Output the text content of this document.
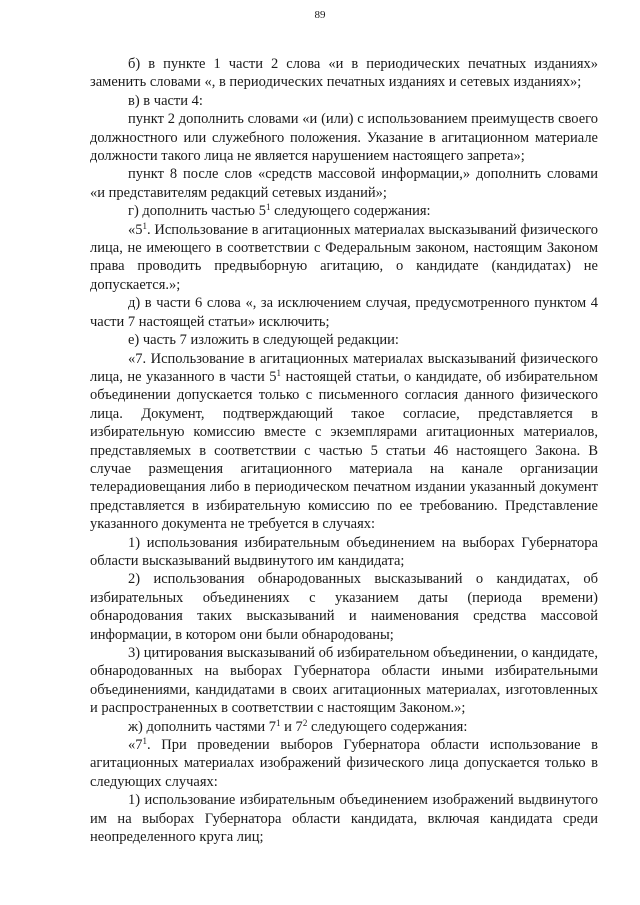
89

б) в пункте 1 части 2 слова «и в периодических печатных изданиях» заменить словами «, в периодических печатных изданиях и сетевых изданиях»;

в) в части 4:

пункт 2 дополнить словами «и (или) с использованием преимуществ своего должностного или служебного положения. Указание в агитационном материале должности такого лица не является нарушением настоящего запрета»;

пункт 8 после слов «средств массовой информации,» дополнить словами «и представителям редакций сетевых изданий»;

г) дополнить частью $5^1$ следующего содержания:

«$5^1$. Использование в агитационных материалах высказываний физического лица, не имеющего в соответствии с Федеральным законом, настоящим Законом права проводить предвыборную агитацию, о кандидате (кандидатах) не допускается.»;

д) в части 6 слова «, за исключением случая, предусмотренного пунктом 4 части 7 настоящей статьи» исключить;

е) часть 7 изложить в следующей редакции:

«7. Использование в агитационных материалах высказываний физического лица, не указанного в части $5^1$ настоящей статьи, о кандидате, об избирательном объединении допускается только с письменного согласия данного физического лица. Документ, подтверждающий такое согласие, представляется в избирательную комиссию вместе с экземплярами агитационных материалов, представляемых в соответствии с частью 5 статьи 46 настоящего Закона. В случае размещения агитационного материала на канале организации телерадиовещания либо в периодическом печатном издании указанный документ представляется в избирательную комиссию по ее требованию. Представление указанного документа не требуется в случаях:

1) использования избирательным объединением на выборах Губернатора области высказываний выдвинутого им кандидата;

2) использования обнародованных высказываний о кандидатах, об избирательных объединениях с указанием даты (периода времени) обнародования таких высказываний и наименования средства массовой информации, в котором они были обнародованы;

3) цитирования высказываний об избирательном объединении, о кандидате, обнародованных на выборах Губернатора области иными избирательными объединениями, кандидатами в своих агитационных материалах, изготовленных и распространенных в соответствии с настоящим Законом.»;

ж) дополнить частями $7^1$ и $7^2$ следующего содержания:

«$7^1$. При проведении выборов Губернатора области использование в агитационных материалах изображений физического лица допускается только в следующих случаях:

1) использование избирательным объединением изображений выдвинутого им на выборах Губернатора области кандидата, включая кандидата среди неопределенного круга лиц;
